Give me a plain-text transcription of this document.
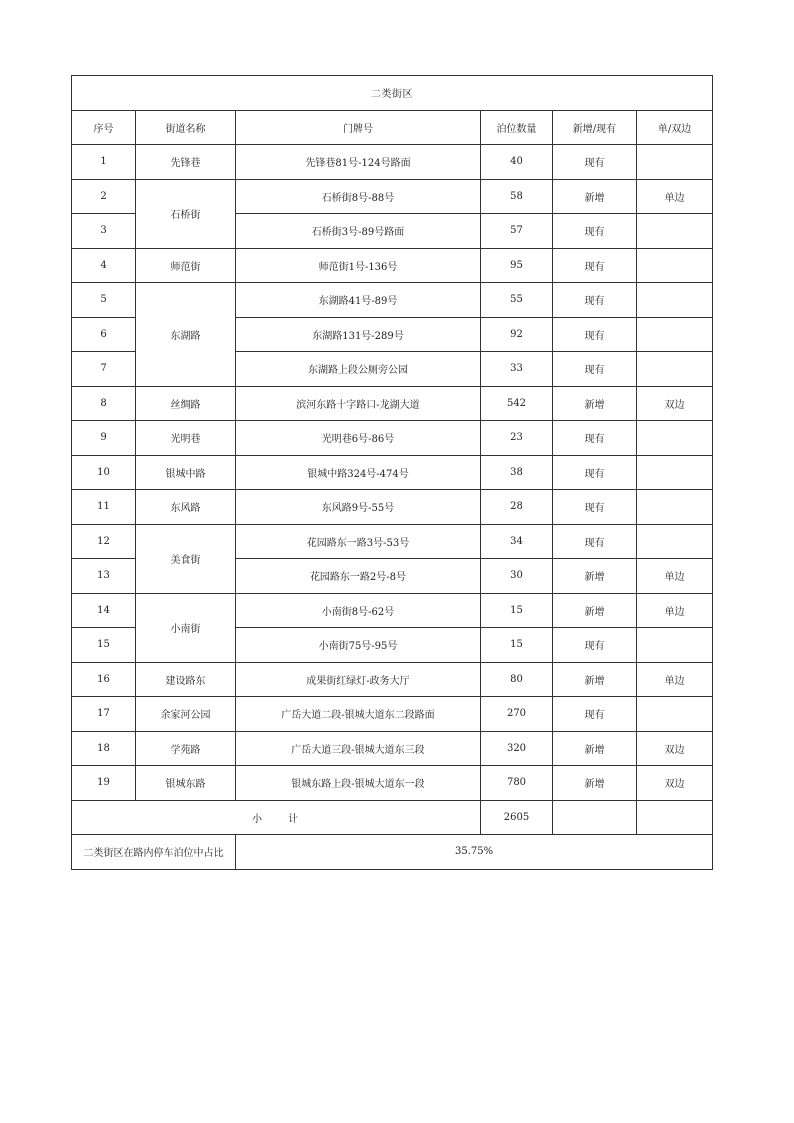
二类街区					
序号	街道名称	门牌号	泊位数量	新增/现有	单/双边
1	先锋巷	先锋巷81号-124号路面	40	现有	
2	石桥街	石桥街8号-88号	58	新增	单边
3		石桥街3号-89号路面	57	现有	
4	师范街	师范街1号-136号	95	现有	
5	东湖路	东湖路41号-89号	55	现有	
6		东湖路131号-289号	92	现有	
7		东湖路上段公厕旁公园	33	现有	
8	丝绸路	滨河东路十字路口-龙湖大道	542	新增	双边
9	光明巷	光明巷6号-86号	23	现有	
10	银城中路	银城中路324号-474号	38	现有	
11	东风路	东风路9号-55号	28	现有	
12	美食街	花园路东一路3号-53号	34	现有	
13		花园路东一路2号-8号	30	新增	单边
14	小南街	小南街8号-62号	15	新增	单边
15		小南街75号-95号	15	现有	
16	建设路东	成果街红绿灯-政务大厅	80	新增	单边
17	余家河公园	广岳大道二段-银城大道东二段路面	270	现有	
18	学苑路	广岳大道三段-银城大道东三段	320	新增	双边
19	银城东路	银城东路上段-银城大道东一段	780	新增	双边
小　　计			2605		
二类街区在路内停车泊位中占比		35.75%			
